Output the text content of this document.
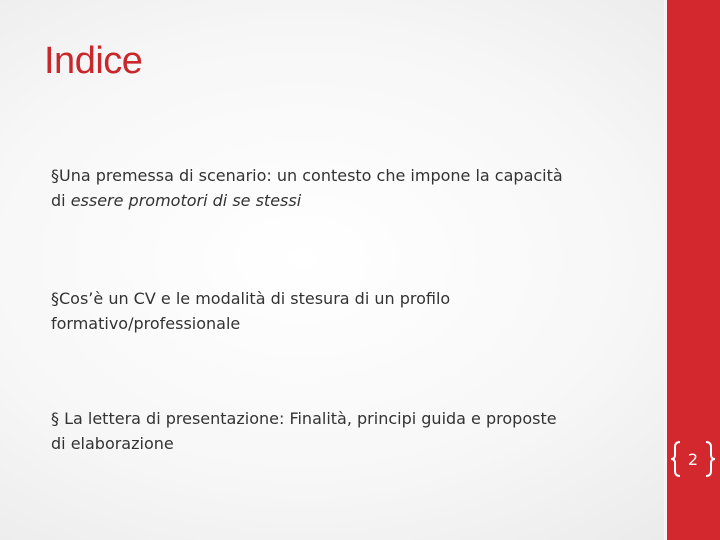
Indice
§Una premessa di scenario: un contesto che impone la capacità
di essere promotori di se stessi
§Cos’è un CV e le modalità di stesura di un profilo
formativo/professionale
§ La lettera di presentazione: Finalità, principi guida e proposte
di elaborazione
2
